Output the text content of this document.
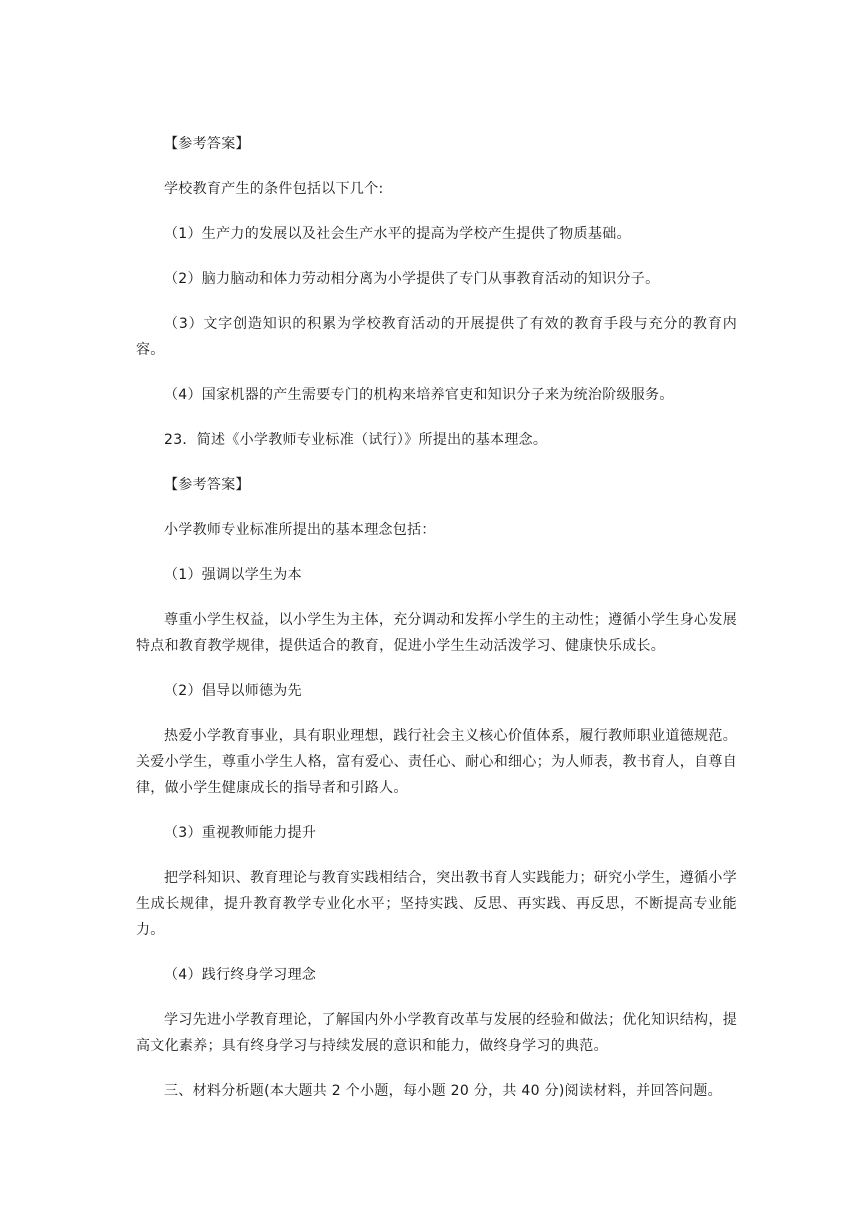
【参考答案】

学校教育产生的条件包括以下几个:

（1）生产力的发展以及社会生产水平的提高为学校产生提供了物质基础。

（2）脑力脑动和体力劳动相分离为小学提供了专门从事教育活动的知识分子。

（3）文字创造知识的积累为学校教育活动的开展提供了有效的教育手段与充分的教育内容。

（4）国家机器的产生需要专门的机构来培养官吏和知识分子来为统治阶级服务。

23．简述《小学教师专业标准（试行）》所提出的基本理念。

【参考答案】

小学教师专业标准所提出的基本理念包括：

（1）强调以学生为本

尊重小学生权益，以小学生为主体，充分调动和发挥小学生的主动性；遵循小学生身心发展特点和教育教学规律，提供适合的教育，促进小学生生动活泼学习、健康快乐成长。

（2）倡导以师德为先

热爱小学教育事业，具有职业理想，践行社会主义核心价值体系，履行教师职业道德规范。关爱小学生，尊重小学生人格，富有爱心、责任心、耐心和细心；为人师表，教书育人，自尊自律，做小学生健康成长的指导者和引路人。

（3）重视教师能力提升

把学科知识、教育理论与教育实践相结合，突出教书育人实践能力；研究小学生，遵循小学生成长规律，提升教育教学专业化水平；坚持实践、反思、再实践、再反思，不断提高专业能力。

（4）践行终身学习理念

学习先进小学教育理论，了解国内外小学教育改革与发展的经验和做法；优化知识结构，提高文化素养；具有终身学习与持续发展的意识和能力，做终身学习的典范。

三、材料分析题(本大题共 2 个小题，每小题 20 分，共 40 分)阅读材料，并回答问题。
